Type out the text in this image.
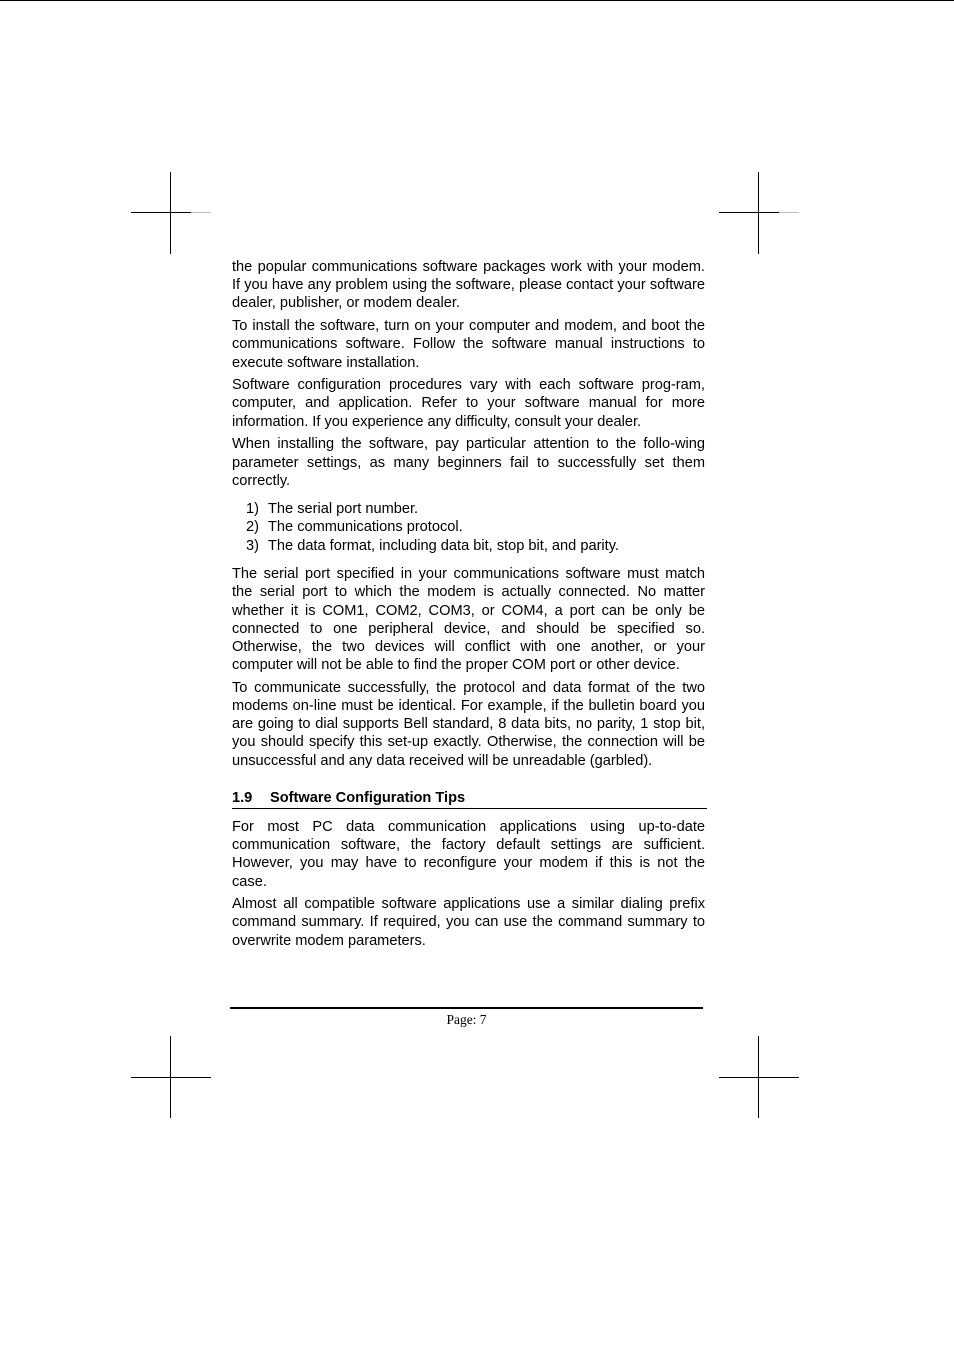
the popular communications software packages work with your modem. If you have any problem using the software, please contact your software dealer, publisher, or modem dealer.

To install the software, turn on your computer and modem, and boot the communications software. Follow the software manual instructions to execute software installation.

Software configuration procedures vary with each software prog-ram, computer, and application. Refer to your software manual for more information. If you experience any difficulty, consult your dealer.

When installing the software, pay particular attention to the follo-wing parameter settings, as many beginners fail to successfully set them correctly.

1) The serial port number.
2) The communications protocol.
3) The data format, including data bit, stop bit, and parity.

The serial port specified in your communications software must match the serial port to which the modem is actually connected. No matter whether it is COM1, COM2, COM3, or COM4, a port can be only be connected to one peripheral device, and should be specified so. Otherwise, the two devices will conflict with one another, or your computer will not be able to find the proper COM port or other device.

To communicate successfully, the protocol and data format of the two modems on-line must be identical. For example, if the bulletin board you are going to dial supports Bell standard, 8 data bits, no parity, 1 stop bit, you should specify this set-up exactly. Otherwise, the connection will be unsuccessful and any data received will be unreadable (garbled).

1.9	Software Configuration Tips

For most PC data communication applications using up-to-date communication software, the factory default settings are sufficient. However, you may have to reconfigure your modem if this is not the case.

Almost all compatible software applications use a similar dialing prefix command summary. If required, you can use the command summary to overwrite modem parameters.

Page: 7
